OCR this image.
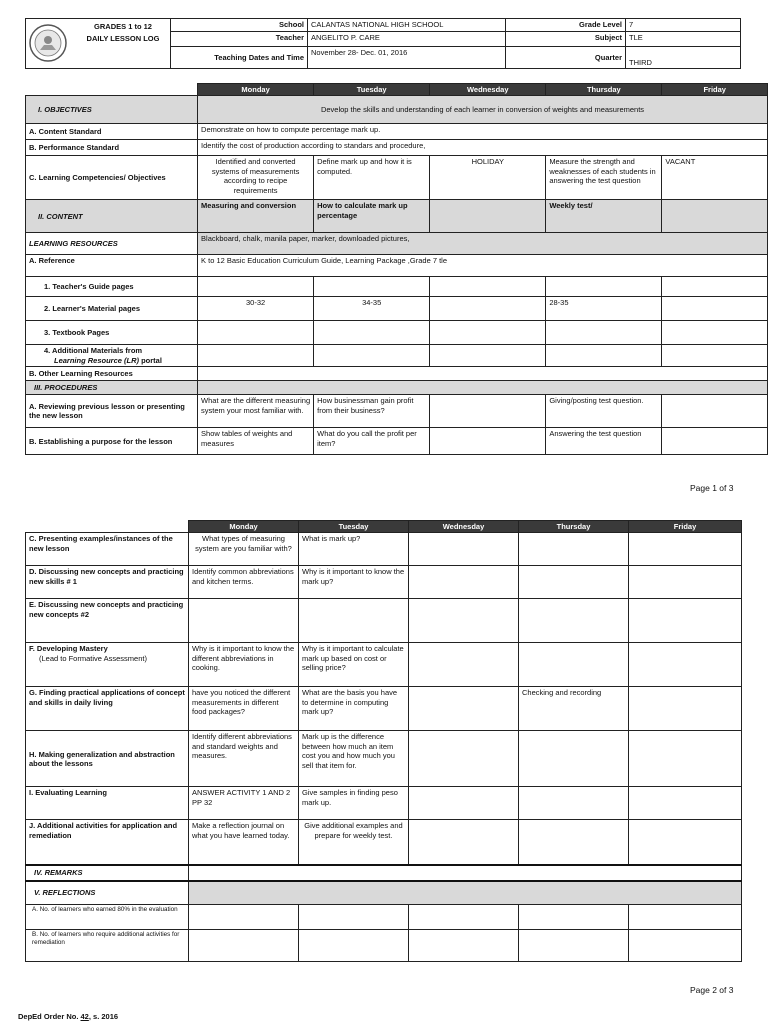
GRADES 1 to 12
DAILY LESSON LOG	School	CALANTAS NATIONAL HIGH SCHOOL	Grade Level	7
	Teacher	ANGELITO P. CARE	Subject	TLE
	Teaching Dates and Time	November 28- Dec. 01, 2016	Quarter	THIRD
	Monday	Tuesday	Wednesday	Thursday	Friday
I. OBJECTIVES	Develop the skills and understanding of each learner in conversion of weights and measurements				
A. Content Standard	Demonstrate on how to compute percentage mark up.				
B. Performance Standard	Identify the cost of production according to standars and procedure,				
C. Learning Competencies/ Objectives	Identified and converted systems of measurements according to recipe requirements	Define mark up and how it is computed.	HOLIDAY	Measure the strength and weaknesses of each students in answering the test question	VACANT
II. CONTENT	Measuring and conversion	How to calculate mark up percentage		Weekly test/	
LEARNING RESOURCES	Blackboard, chalk, manila paper, marker, downloaded pictures,				
A. Reference	K to 12 Basic Education Curriculum Guide, Learning Package ,Grade 7 tle				
1. Teacher's Guide pages					
2. Learner's Material pages	30-32	34-35		28-35	
3. Textbook Pages					
4. Additional Materials from
Learning Resource (LR) portal					
B. Other Learning Resources					
III. PROCEDURES					
A. Reviewing previous lesson or presenting the new lesson	What are the different measuring system your most familiar with.	How businessman gain profit from their business?		Giving/posting test question.	
B. Establishing a purpose for the lesson	Show tables of weights and measures	What do you call the profit per item?		Answering the test question	
Page 1 of 3
	Monday	Tuesday	Wednesday	Thursday	Friday
C. Presenting examples/instances of the new lesson	What types of measuring system are you familiar with?	What is mark up?			
D. Discussing new concepts and practicing new skills # 1	Identify common abbreviations and kitchen terms.	Why is it important to know the mark up?			
E. Discussing new concepts and practicing new concepts #2					

F. Developing Mastery
(Lead to Formative Assessment)	Why is it important to know the different abbreviations in cooking.	Why is it important to calculate mark up based on cost or selling price?			
G. Finding practical applications of concept and skills in daily living	have you noticed the different measurements in different food packages?	What are the basis you have to determine in computing mark up?		Checking and recording	
H. Making generalization and abstraction about the lessons	Identify different abbreviations and standard weights and measures.	Mark up is the difference between how much an item cost you and how much you sell that item for.			
I. Evaluating Learning	ANSWER ACTIVITY 1 AND 2 PP 32	Give samples in finding peso mark up.			
J. Additional activities for application and remediation	Make a reflection journal on what you have learned today.	Give additional examples and prepare for weekly test.			
IV. REMARKS					
V. REFLECTIONS					
A. No. of learners who earned 80% in the evaluation					
B. No. of learners who require additional activities for remediation					
Page 2 of 3
DepEd Order No. 42, s. 2016
